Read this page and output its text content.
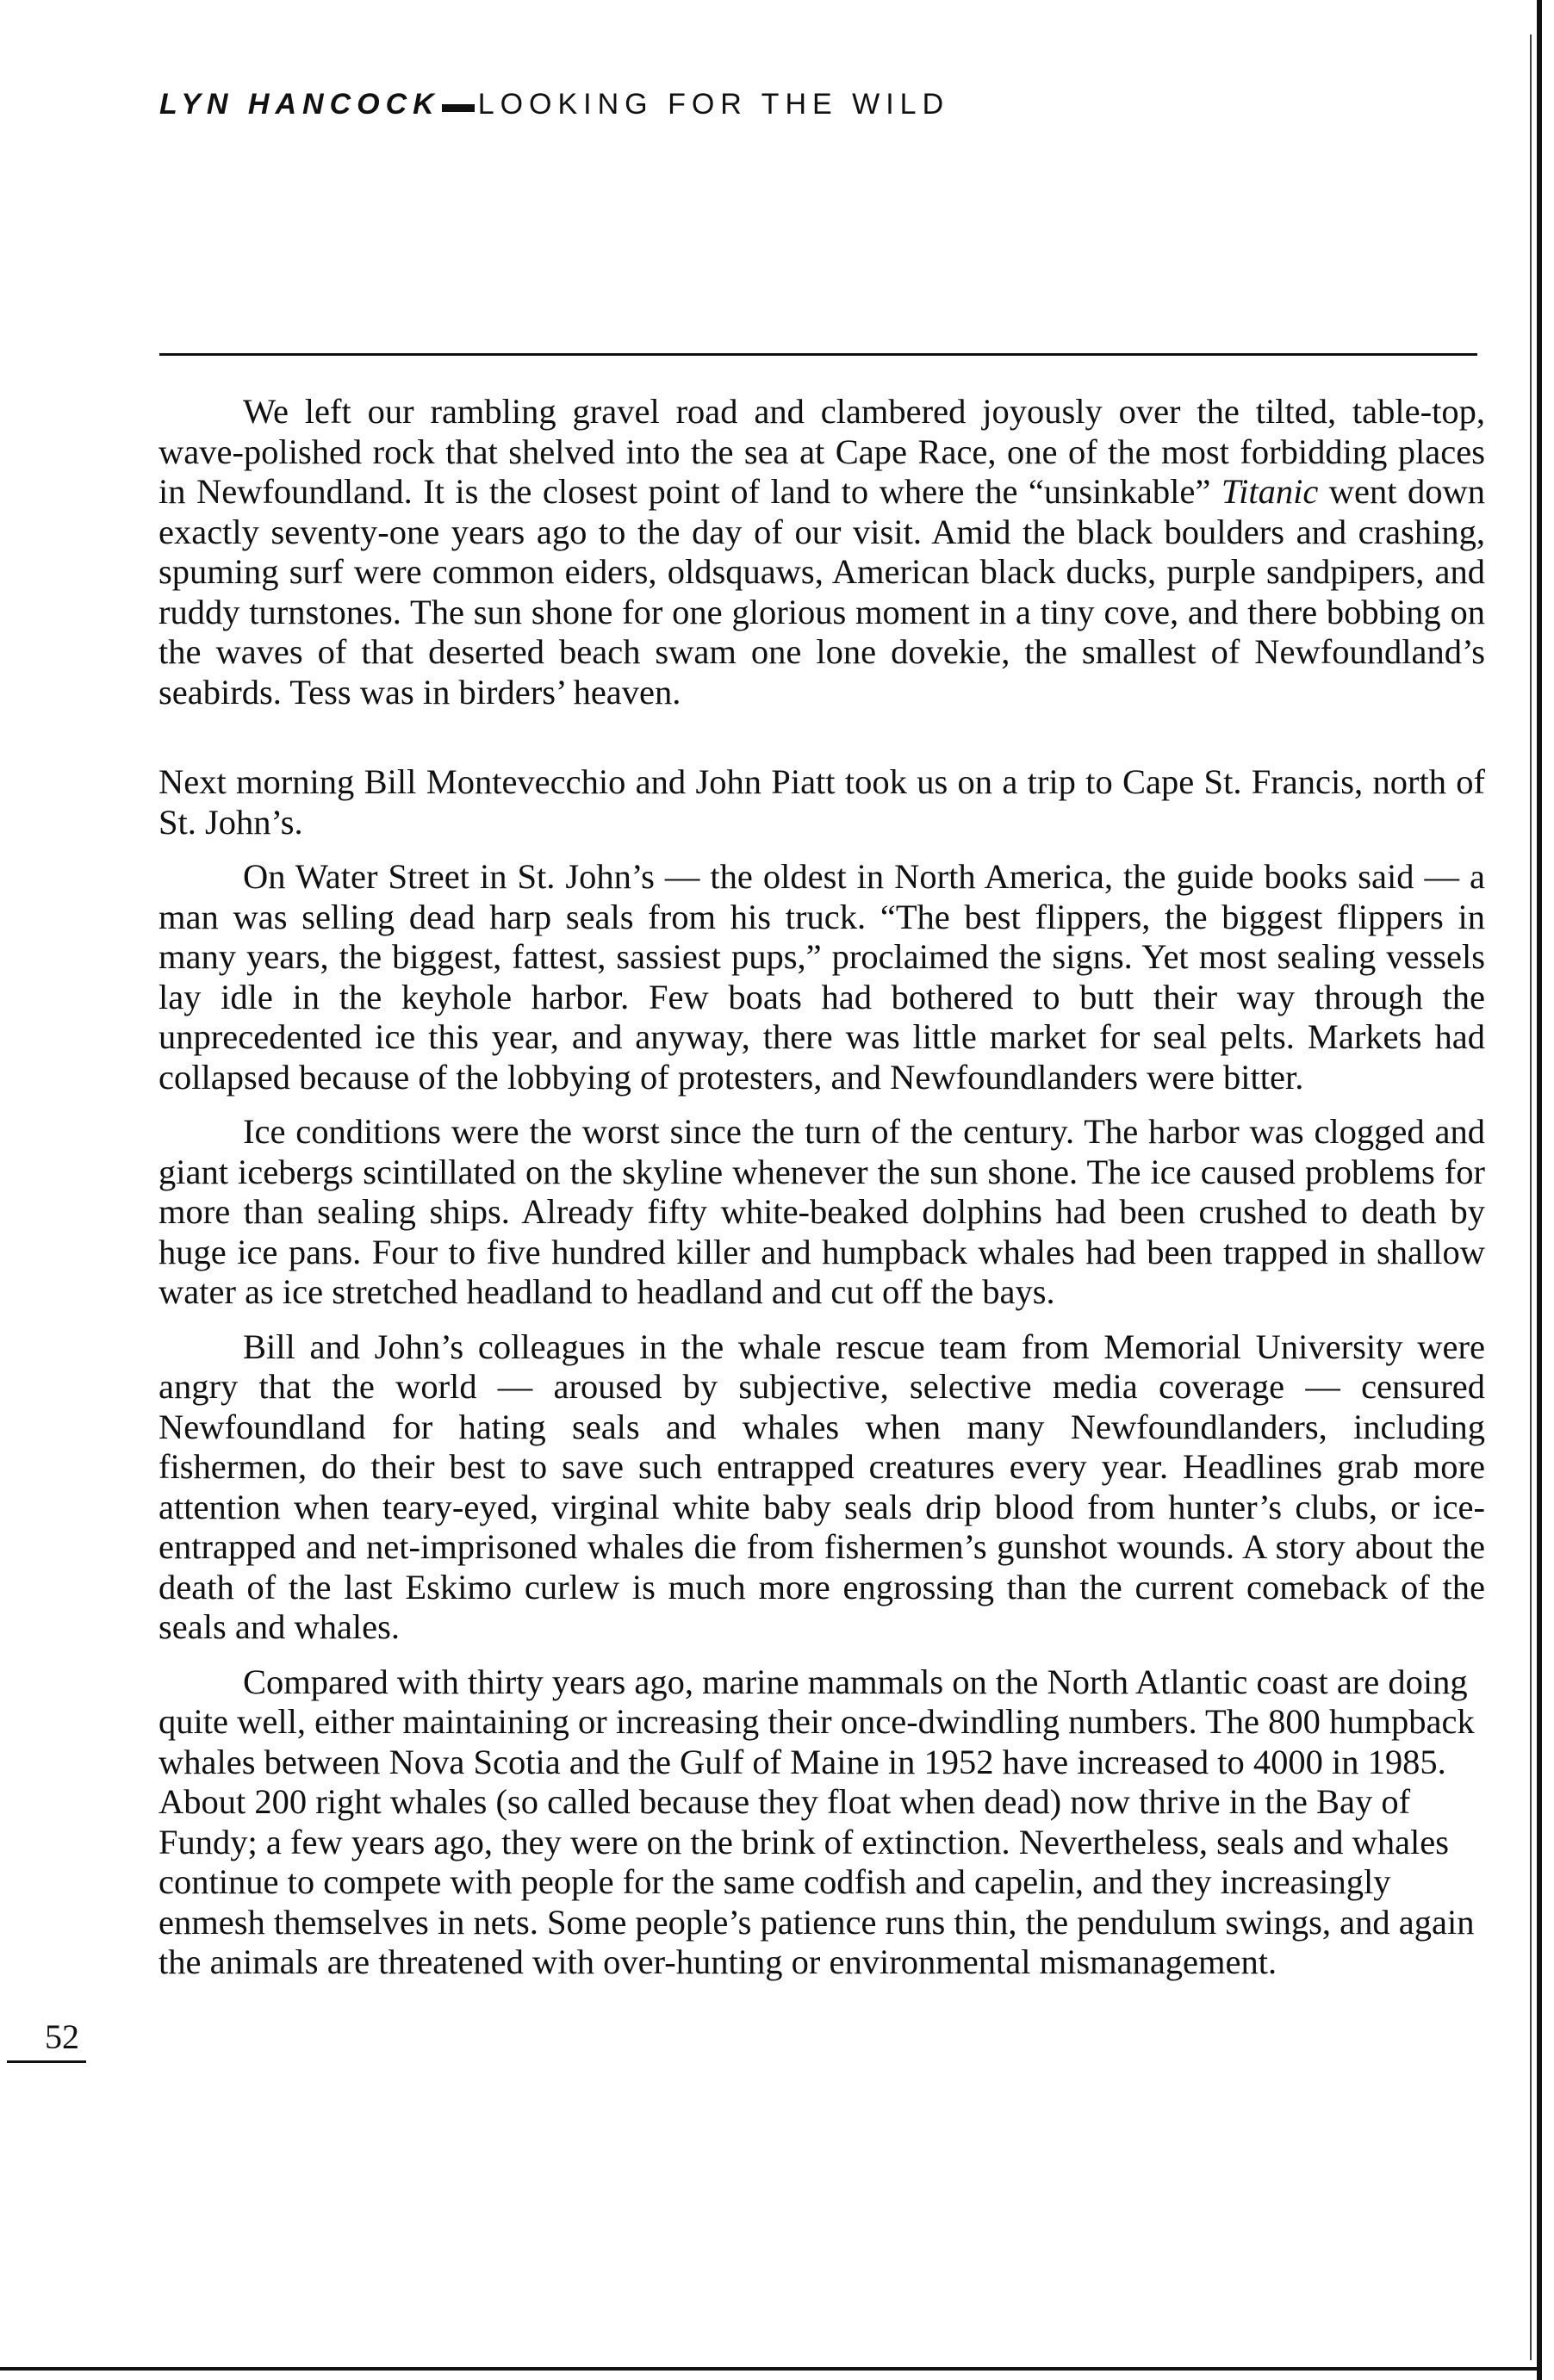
LYN HANCOCK LOOKING FOR THE WILD

We left our rambling gravel road and clambered joyously over the tilted, table-top, wave-polished rock that shelved into the sea at Cape Race, one of the most forbidding places in Newfoundland. It is the closest point of land to where the “unsinkable” Titanic went down exactly seventy-one years ago to the day of our visit. Amid the black boulders and crashing, spuming surf were common eiders, oldsquaws, American black ducks, purple sandpipers, and ruddy turnstones. The sun shone for one glorious moment in a tiny cove, and there bobbing on the waves of that deserted beach swam one lone dovekie, the smallest of Newfoundland’s seabirds. Tess was in birders’ heaven.

Next morning Bill Montevecchio and John Piatt took us on a trip to Cape St. Francis, north of St. John’s.

On Water Street in St. John’s — the oldest in North America, the guide books said — a man was selling dead harp seals from his truck. “The best flippers, the biggest flippers in many years, the biggest, fattest, sassiest pups,” proclaimed the signs. Yet most sealing vessels lay idle in the keyhole harbor. Few boats had bothered to butt their way through the unprecedented ice this year, and anyway, there was little market for seal pelts. Markets had collapsed because of the lobbying of protesters, and Newfoundlanders were bitter.

Ice conditions were the worst since the turn of the century. The harbor was clogged and giant icebergs scintillated on the skyline whenever the sun shone. The ice caused problems for more than sealing ships. Already fifty white-beaked dolphins had been crushed to death by huge ice pans. Four to five hundred killer and humpback whales had been trapped in shallow water as ice stretched headland to headland and cut off the bays.

Bill and John’s colleagues in the whale rescue team from Memorial University were angry that the world — aroused by subjective, selective media coverage — censured Newfoundland for hating seals and whales when many Newfoundlanders, including fishermen, do their best to save such entrapped creatures every year. Headlines grab more attention when teary-eyed, virginal white baby seals drip blood from hunter’s clubs, or ice-entrapped and net-imprisoned whales die from fishermen’s gunshot wounds. A story about the death of the last Eskimo curlew is much more engrossing than the current comeback of the seals and whales.

Compared with thirty years ago, marine mammals on the North Atlantic coast are doing quite well, either maintaining or increasing their once-dwindling numbers. The 800 humpback whales between Nova Scotia and the Gulf of Maine in 1952 have increased to 4000 in 1985. About 200 right whales (so called because they float when dead) now thrive in the Bay of Fundy; a few years ago, they were on the brink of extinction. Nevertheless, seals and whales continue to compete with people for the same codfish and capelin, and they increasingly enmesh themselves in nets. Some people’s patience runs thin, the pendulum swings, and again the animals are threatened with over-hunting or environmental mismanagement.

52
